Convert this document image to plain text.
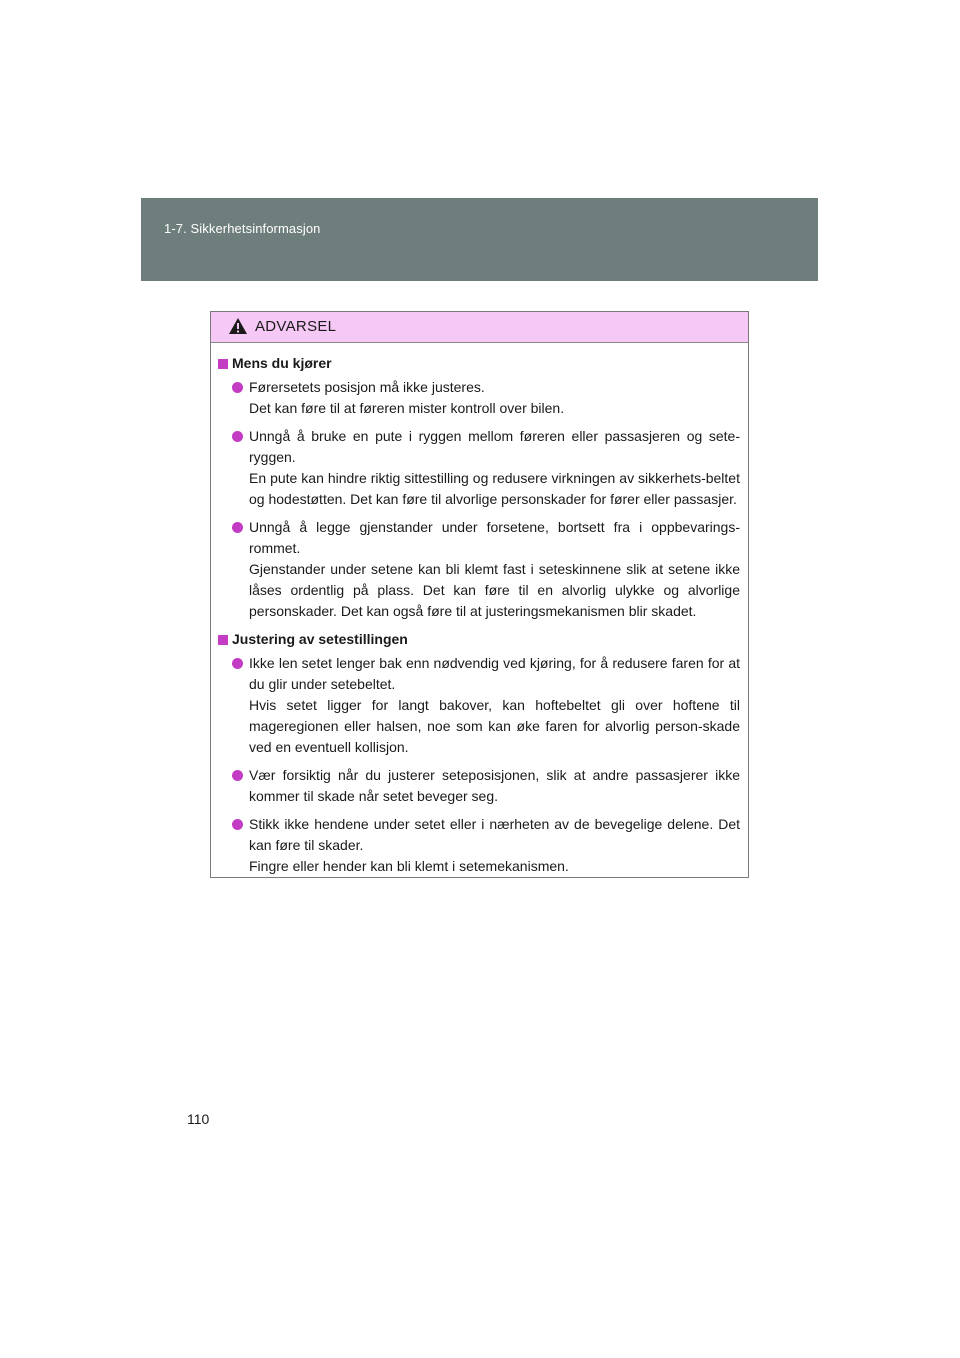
1-7. Sikkerhetsinformasjon
ADVARSEL
Mens du kjører

Førersetets posisjon må ikke justeres.

Det kan føre til at føreren mister kontroll over bilen.

Unngå å bruke en pute i ryggen mellom føreren eller passasjeren og sete-ryggen.

En pute kan hindre riktig sittestilling og redusere virkningen av sikkerhets-beltet og hodestøtten. Det kan føre til alvorlige personskader for fører eller passasjer.

Unngå å legge gjenstander under forsetene, bortsett fra i oppbevarings-rommet.

Gjenstander under setene kan bli klemt fast i seteskinnene slik at setene ikke låses ordentlig på plass. Det kan føre til en alvorlig ulykke og alvorlige personskader. Det kan også føre til at justeringsmekanismen blir skadet.

Justering av setestillingen

Ikke len setet lenger bak enn nødvendig ved kjøring, for å redusere faren for at du glir under setebeltet.

Hvis setet ligger for langt bakover, kan hoftebeltet gli over hoftene til mageregionen eller halsen, noe som kan øke faren for alvorlig person-skade ved en eventuell kollisjon.

Vær forsiktig når du justerer seteposisjonen, slik at andre passasjerer ikke kommer til skade når setet beveger seg.

Stikk ikke hendene under setet eller i nærheten av de bevegelige delene. Det kan føre til skader.

Fingre eller hender kan bli klemt i setemekanismen.

110
